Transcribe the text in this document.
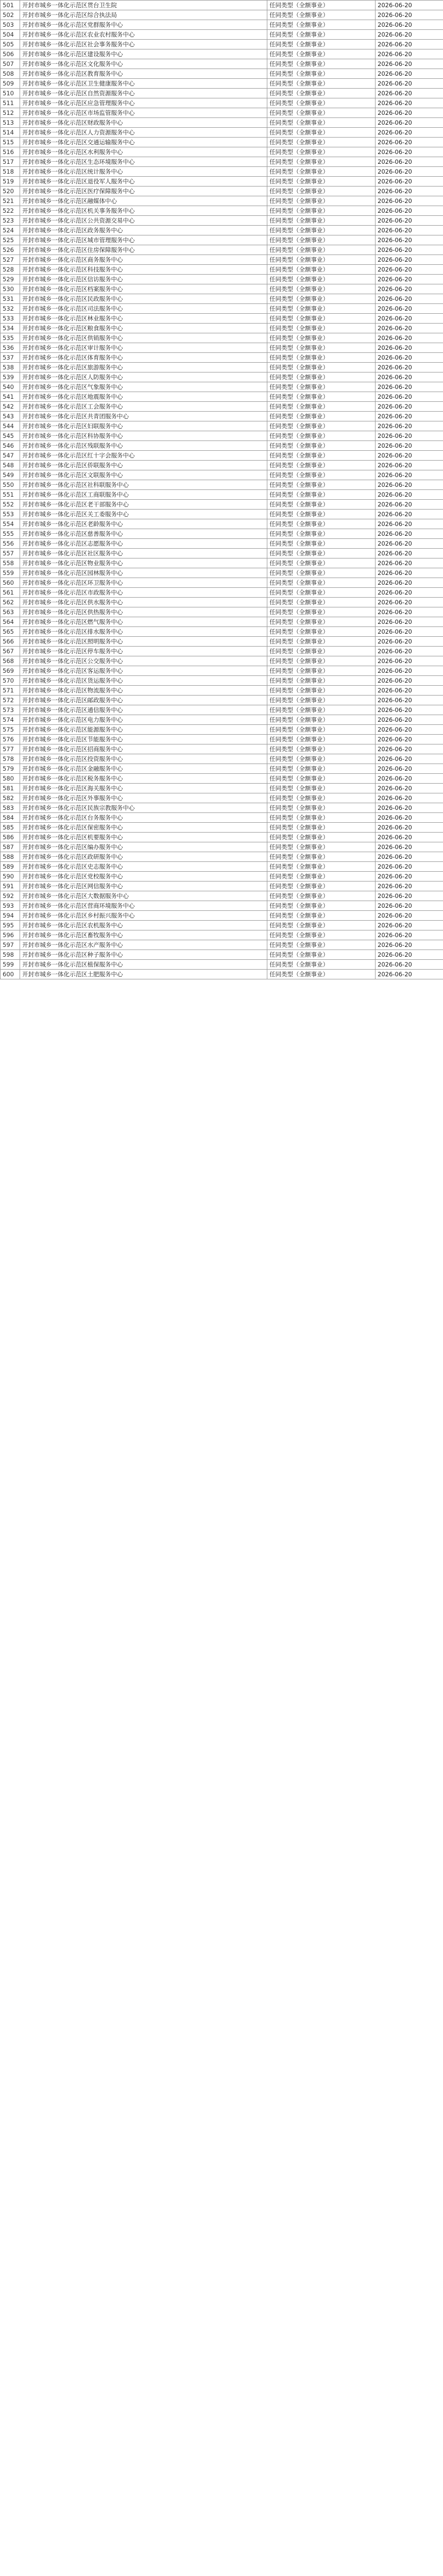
501	开封市城乡一体化示范区贯台卫生院	任同类型（全额事业）	2026-06-20
502	开封市城乡一体化示范区综合执法局	任同类型（全额事业）	2026-06-20
503	开封市城乡一体化示范区党群服务中心	任同类型（全额事业）	2026-06-20
504	开封市城乡一体化示范区农业农村服务中心	任同类型（全额事业）	2026-06-20
505	开封市城乡一体化示范区社会事务服务中心	任同类型（全额事业）	2026-06-20
506	开封市城乡一体化示范区建设服务中心	任同类型（全额事业）	2026-06-20
507	开封市城乡一体化示范区文化服务中心	任同类型（全额事业）	2026-06-20
508	开封市城乡一体化示范区教育服务中心	任同类型（全额事业）	2026-06-20
509	开封市城乡一体化示范区卫生健康服务中心	任同类型（全额事业）	2026-06-20
510	开封市城乡一体化示范区自然资源服务中心	任同类型（全额事业）	2026-06-20
511	开封市城乡一体化示范区应急管理服务中心	任同类型（全额事业）	2026-06-20
512	开封市城乡一体化示范区市场监管服务中心	任同类型（全额事业）	2026-06-20
513	开封市城乡一体化示范区财政服务中心	任同类型（全额事业）	2026-06-20
514	开封市城乡一体化示范区人力资源服务中心	任同类型（全额事业）	2026-06-20
515	开封市城乡一体化示范区交通运输服务中心	任同类型（全额事业）	2026-06-20
516	开封市城乡一体化示范区水利服务中心	任同类型（全额事业）	2026-06-20
517	开封市城乡一体化示范区生态环境服务中心	任同类型（全额事业）	2026-06-20
518	开封市城乡一体化示范区统计服务中心	任同类型（全额事业）	2026-06-20
519	开封市城乡一体化示范区退役军人服务中心	任同类型（全额事业）	2026-06-20
520	开封市城乡一体化示范区医疗保障服务中心	任同类型（全额事业）	2026-06-20
521	开封市城乡一体化示范区融媒体中心	任同类型（全额事业）	2026-06-20
522	开封市城乡一体化示范区机关事务服务中心	任同类型（全额事业）	2026-06-20
523	开封市城乡一体化示范区公共资源交易中心	任同类型（全额事业）	2026-06-20
524	开封市城乡一体化示范区政务服务中心	任同类型（全额事业）	2026-06-20
525	开封市城乡一体化示范区城市管理服务中心	任同类型（全额事业）	2026-06-20
526	开封市城乡一体化示范区住房保障服务中心	任同类型（全额事业）	2026-06-20
527	开封市城乡一体化示范区商务服务中心	任同类型（全额事业）	2026-06-20
528	开封市城乡一体化示范区科技服务中心	任同类型（全额事业）	2026-06-20
529	开封市城乡一体化示范区信访服务中心	任同类型（全额事业）	2026-06-20
530	开封市城乡一体化示范区档案服务中心	任同类型（全额事业）	2026-06-20
531	开封市城乡一体化示范区民政服务中心	任同类型（全额事业）	2026-06-20
532	开封市城乡一体化示范区司法服务中心	任同类型（全额事业）	2026-06-20
533	开封市城乡一体化示范区林业服务中心	任同类型（全额事业）	2026-06-20
534	开封市城乡一体化示范区粮食服务中心	任同类型（全额事业）	2026-06-20
535	开封市城乡一体化示范区供销服务中心	任同类型（全额事业）	2026-06-20
536	开封市城乡一体化示范区审计服务中心	任同类型（全额事业）	2026-06-20
537	开封市城乡一体化示范区体育服务中心	任同类型（全额事业）	2026-06-20
538	开封市城乡一体化示范区旅游服务中心	任同类型（全额事业）	2026-06-20
539	开封市城乡一体化示范区人防服务中心	任同类型（全额事业）	2026-06-20
540	开封市城乡一体化示范区气象服务中心	任同类型（全额事业）	2026-06-20
541	开封市城乡一体化示范区地震服务中心	任同类型（全额事业）	2026-06-20
542	开封市城乡一体化示范区工会服务中心	任同类型（全额事业）	2026-06-20
543	开封市城乡一体化示范区共青团服务中心	任同类型（全额事业）	2026-06-20
544	开封市城乡一体化示范区妇联服务中心	任同类型（全额事业）	2026-06-20
545	开封市城乡一体化示范区科协服务中心	任同类型（全额事业）	2026-06-20
546	开封市城乡一体化示范区残联服务中心	任同类型（全额事业）	2026-06-20
547	开封市城乡一体化示范区红十字会服务中心	任同类型（全额事业）	2026-06-20
548	开封市城乡一体化示范区侨联服务中心	任同类型（全额事业）	2026-06-20
549	开封市城乡一体化示范区文联服务中心	任同类型（全额事业）	2026-06-20
550	开封市城乡一体化示范区社科联服务中心	任同类型（全额事业）	2026-06-20
551	开封市城乡一体化示范区工商联服务中心	任同类型（全额事业）	2026-06-20
552	开封市城乡一体化示范区老干部服务中心	任同类型（全额事业）	2026-06-20
553	开封市城乡一体化示范区关工委服务中心	任同类型（全额事业）	2026-06-20
554	开封市城乡一体化示范区老龄服务中心	任同类型（全额事业）	2026-06-20
555	开封市城乡一体化示范区慈善服务中心	任同类型（全额事业）	2026-06-20
556	开封市城乡一体化示范区志愿服务中心	任同类型（全额事业）	2026-06-20
557	开封市城乡一体化示范区社区服务中心	任同类型（全额事业）	2026-06-20
558	开封市城乡一体化示范区物业服务中心	任同类型（全额事业）	2026-06-20
559	开封市城乡一体化示范区园林服务中心	任同类型（全额事业）	2026-06-20
560	开封市城乡一体化示范区环卫服务中心	任同类型（全额事业）	2026-06-20
561	开封市城乡一体化示范区市政服务中心	任同类型（全额事业）	2026-06-20
562	开封市城乡一体化示范区供水服务中心	任同类型（全额事业）	2026-06-20
563	开封市城乡一体化示范区供热服务中心	任同类型（全额事业）	2026-06-20
564	开封市城乡一体化示范区燃气服务中心	任同类型（全额事业）	2026-06-20
565	开封市城乡一体化示范区排水服务中心	任同类型（全额事业）	2026-06-20
566	开封市城乡一体化示范区照明服务中心	任同类型（全额事业）	2026-06-20
567	开封市城乡一体化示范区停车服务中心	任同类型（全额事业）	2026-06-20
568	开封市城乡一体化示范区公交服务中心	任同类型（全额事业）	2026-06-20
569	开封市城乡一体化示范区客运服务中心	任同类型（全额事业）	2026-06-20
570	开封市城乡一体化示范区货运服务中心	任同类型（全额事业）	2026-06-20
571	开封市城乡一体化示范区物流服务中心	任同类型（全额事业）	2026-06-20
572	开封市城乡一体化示范区邮政服务中心	任同类型（全额事业）	2026-06-20
573	开封市城乡一体化示范区通信服务中心	任同类型（全额事业）	2026-06-20
574	开封市城乡一体化示范区电力服务中心	任同类型（全额事业）	2026-06-20
575	开封市城乡一体化示范区能源服务中心	任同类型（全额事业）	2026-06-20
576	开封市城乡一体化示范区节能服务中心	任同类型（全额事业）	2026-06-20
577	开封市城乡一体化示范区招商服务中心	任同类型（全额事业）	2026-06-20
578	开封市城乡一体化示范区投资服务中心	任同类型（全额事业）	2026-06-20
579	开封市城乡一体化示范区金融服务中心	任同类型（全额事业）	2026-06-20
580	开封市城乡一体化示范区税务服务中心	任同类型（全额事业）	2026-06-20
581	开封市城乡一体化示范区海关服务中心	任同类型（全额事业）	2026-06-20
582	开封市城乡一体化示范区外事服务中心	任同类型（全额事业）	2026-06-20
583	开封市城乡一体化示范区民族宗教服务中心	任同类型（全额事业）	2026-06-20
584	开封市城乡一体化示范区台务服务中心	任同类型（全额事业）	2026-06-20
585	开封市城乡一体化示范区保密服务中心	任同类型（全额事业）	2026-06-20
586	开封市城乡一体化示范区机要服务中心	任同类型（全额事业）	2026-06-20
587	开封市城乡一体化示范区编办服务中心	任同类型（全额事业）	2026-06-20
588	开封市城乡一体化示范区政研服务中心	任同类型（全额事业）	2026-06-20
589	开封市城乡一体化示范区史志服务中心	任同类型（全额事业）	2026-06-20
590	开封市城乡一体化示范区党校服务中心	任同类型（全额事业）	2026-06-20
591	开封市城乡一体化示范区网信服务中心	任同类型（全额事业）	2026-06-20
592	开封市城乡一体化示范区大数据服务中心	任同类型（全额事业）	2026-06-20
593	开封市城乡一体化示范区营商环境服务中心	任同类型（全额事业）	2026-06-20
594	开封市城乡一体化示范区乡村振兴服务中心	任同类型（全额事业）	2026-06-20
595	开封市城乡一体化示范区农机服务中心	任同类型（全额事业）	2026-06-20
596	开封市城乡一体化示范区畜牧服务中心	任同类型（全额事业）	2026-06-20
597	开封市城乡一体化示范区水产服务中心	任同类型（全额事业）	2026-06-20
598	开封市城乡一体化示范区种子服务中心	任同类型（全额事业）	2026-06-20
599	开封市城乡一体化示范区植保服务中心	任同类型（全额事业）	2026-06-20
600	开封市城乡一体化示范区土肥服务中心	任同类型（全额事业）	2026-06-20
